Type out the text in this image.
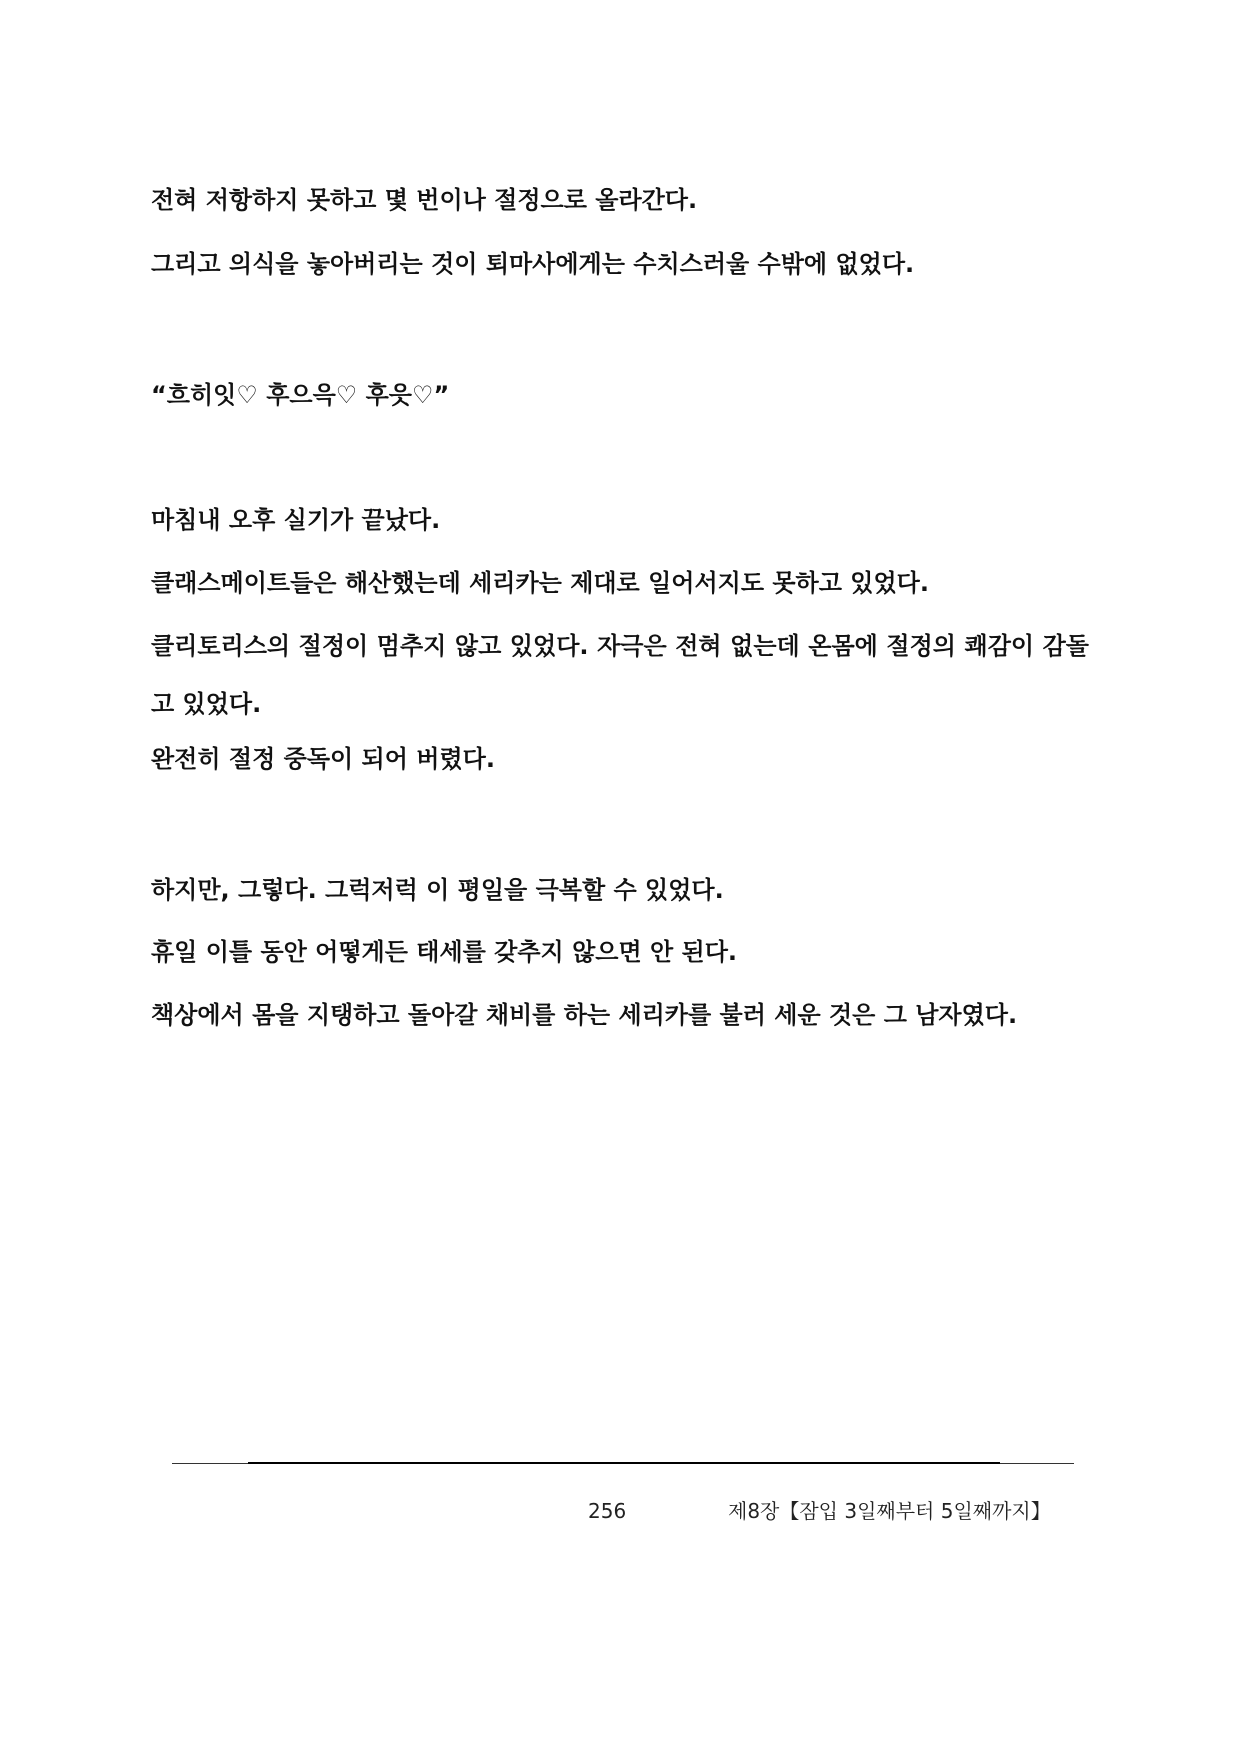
전혀 저항하지 못하고 몇 번이나 절정으로 올라간다.

그리고 의식을 놓아버리는 것이 퇴마사에게는 수치스러울 수밖에 없었다.

“흐히잇♡ 후으윽♡ 후읏♡”

마침내 오후 실기가 끝났다.

클래스메이트들은 해산했는데 세리카는 제대로 일어서지도 못하고 있었다.

클리토리스의 절정이 멈추지 않고 있었다. 자극은 전혀 없는데 온몸에 절정의 쾌감이 감돌고 있었다.

완전히 절정 중독이 되어 버렸다.

하지만, 그렇다. 그럭저럭 이 평일을 극복할 수 있었다.

휴일 이틀 동안 어떻게든 태세를 갖추지 않으면 안 된다.

책상에서 몸을 지탱하고 돌아갈 채비를 하는 세리카를 불러 세운 것은 그 남자였다.

256	제8장【잠입 3일째부터 5일째까지】
